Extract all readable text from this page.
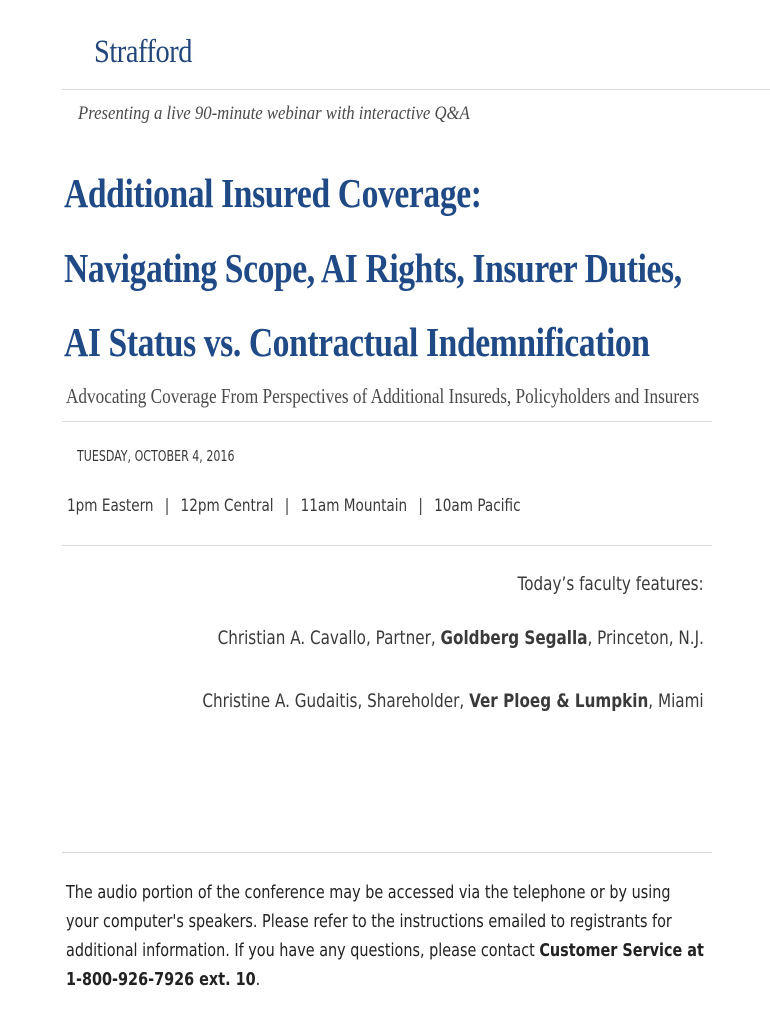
Strafford
Presenting a live 90-minute webinar with interactive Q&A
Additional Insured Coverage:
Navigating Scope, AI Rights, Insurer Duties,
AI Status vs. Contractual Indemnification
Advocating Coverage From Perspectives of Additional Insureds, Policyholders and Insurers
TUESDAY, OCTOBER 4, 2016
1pm Eastern | 12pm Central | 11am Mountain | 10am Pacific
Today’s faculty features:
Christian A. Cavallo, Partner, Goldberg Segalla, Princeton, N.J.
Christine A. Gudaitis, Shareholder, Ver Ploeg & Lumpkin, Miami
The audio portion of the conference may be accessed via the telephone or by using your computer's speakers. Please refer to the instructions emailed to registrants for additional information. If you have any questions, please contact Customer Service at 1-800-926-7926 ext. 10.
